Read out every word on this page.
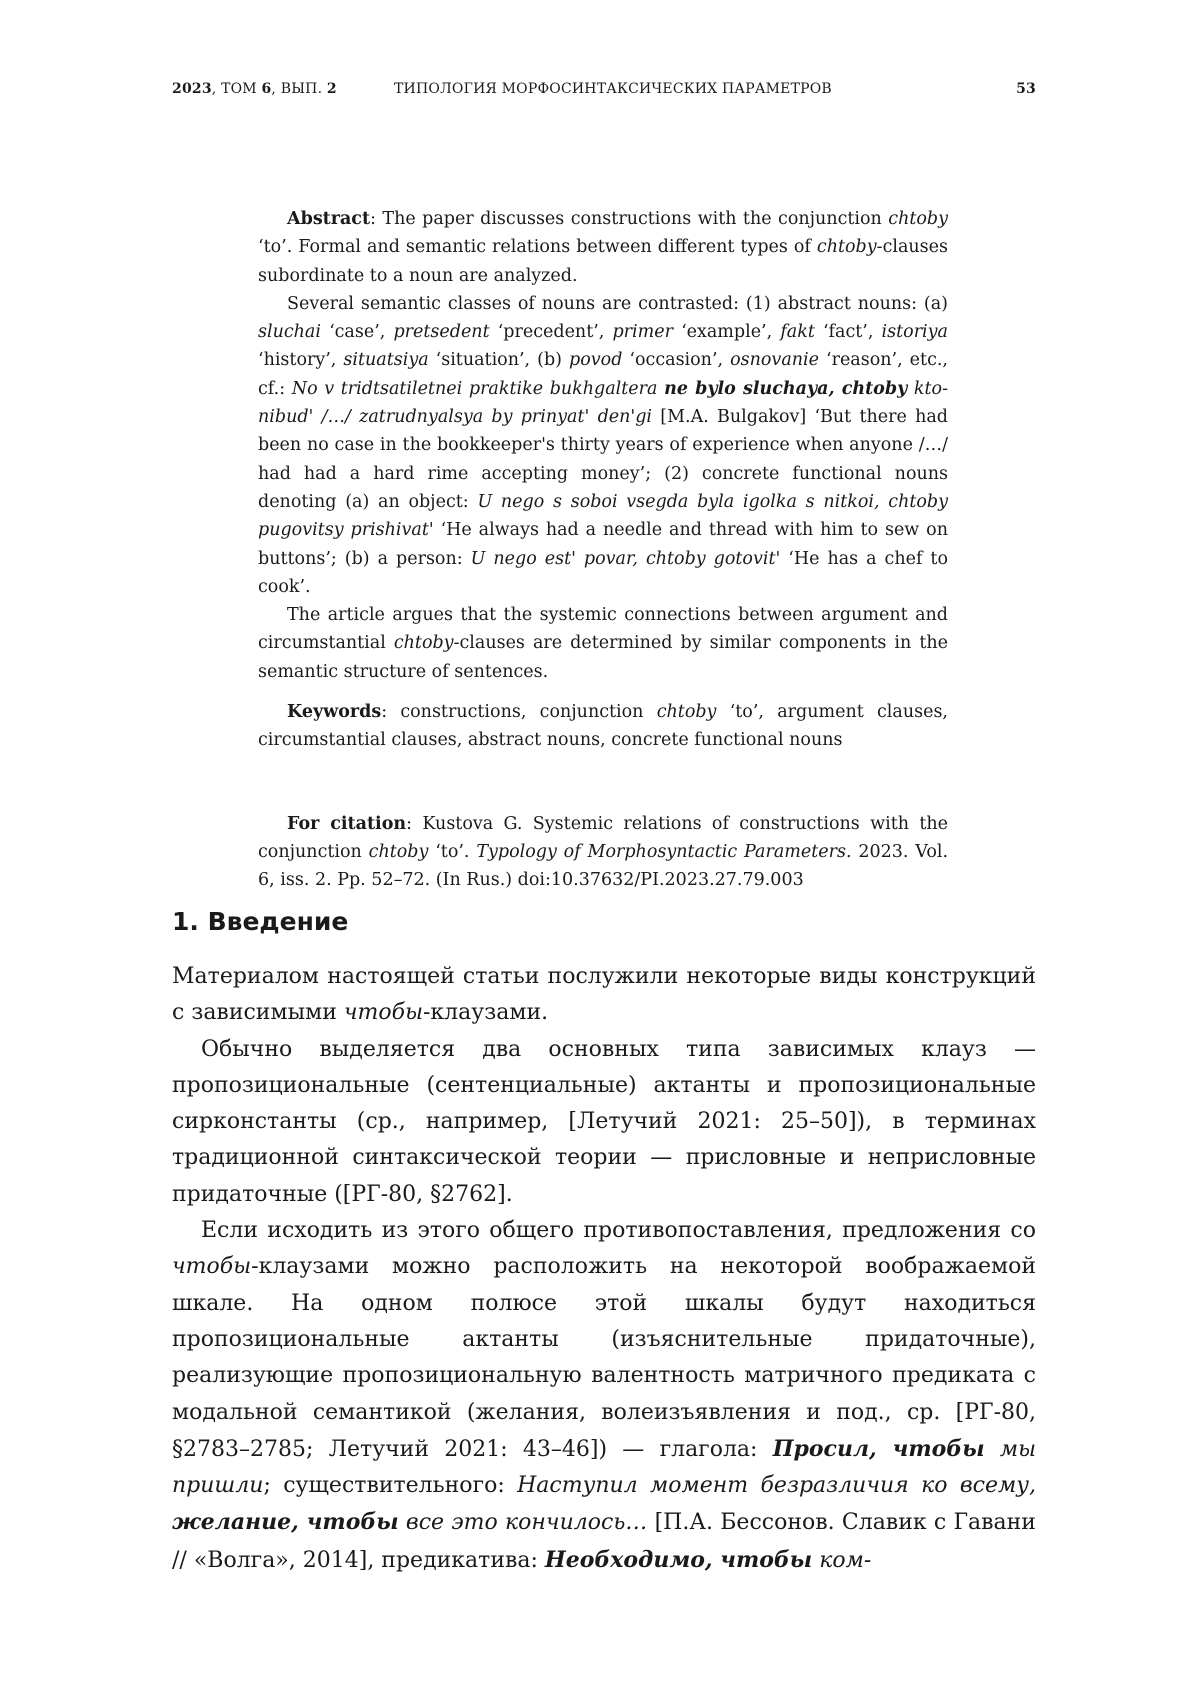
2023, ТОМ 6, ВЫП. 2	ТИПОЛОГИЯ МОРФОСИНТАКСИЧЕСКИХ ПАРАМЕТРОВ	53

Abstract: The paper discusses constructions with the conjunction chtoby ‘to’. Formal and semantic relations between different types of chtoby-clauses subordinate to a noun are analyzed.

Several semantic classes of nouns are contrasted: (1) abstract nouns: (a) sluchai ‘case’, pretsedent ‘precedent’, primer ‘example’, fakt ‘fact’, istoriya ‘history’, situatsiya ‘situation’, (b) povod ‘occasion’, osnovanie ‘reason’, etc., cf.: No v tridtsatiletnei praktike bukhgaltera ne bylo sluchaya, chtoby kto-nibud' /…/ zatrudnyalsya by prinyat' den'gi [M.A. Bulgakov] ‘But there had been no case in the bookkeeper's thirty years of experience when anyone /…/ had had a hard rime accepting money’; (2) concrete functional nouns denoting (a) an object: U nego s soboi vsegda byla igolka s nitkoi, chtoby pugovitsy prishivat' ‘He always had a needle and thread with him to sew on buttons’; (b) a person: U nego est' povar, chtoby gotovit' ‘He has a chef to cook’.

The article argues that the systemic connections between argument and circumstantial chtoby-clauses are determined by similar components in the semantic structure of sentences.

Keywords: constructions, conjunction chtoby ‘to’, argument clauses, circumstantial clauses, abstract nouns, concrete functional nouns

For citation: Kustova G. Systemic relations of constructions with the conjunction chtoby ‘to’. Typology of Morphosyntactic Parameters. 2023. Vol. 6, iss. 2. Pp. 52–72. (In Rus.) doi:10.37632/PI.2023.27.79.003

1. Введение

Материалом настоящей статьи послужили некоторые виды конструкций с зависимыми чтобы-клаузами.

Обычно выделяется два основных типа зависимых клауз — пропозициональные (сентенциальные) актанты и пропозициональные сирконстанты (ср., например, [Летучий 2021: 25–50]), в терминах традиционной синтаксической теории — присловные и неприсловные придаточные ([РГ-80, §2762].

Если исходить из этого общего противопоставления, предложения со чтобы-клаузами можно расположить на некоторой воображаемой шкале. На одном полюсе этой шкалы будут находиться пропозициональные актанты (изъяснительные придаточные), реализующие пропозициональную валентность матричного предиката с модальной семантикой (желания, волеизъявления и под., ср. [РГ-80, §2783–2785; Летучий 2021: 43–46]) — глагола: Просил, чтобы мы пришли; существительного: Наступил момент безразличия ко всему, желание, чтобы все это кончилось… [П.А. Бессонов. Славик с Гавани // «Волга», 2014], предикатива: Необходимо, чтобы ком-
